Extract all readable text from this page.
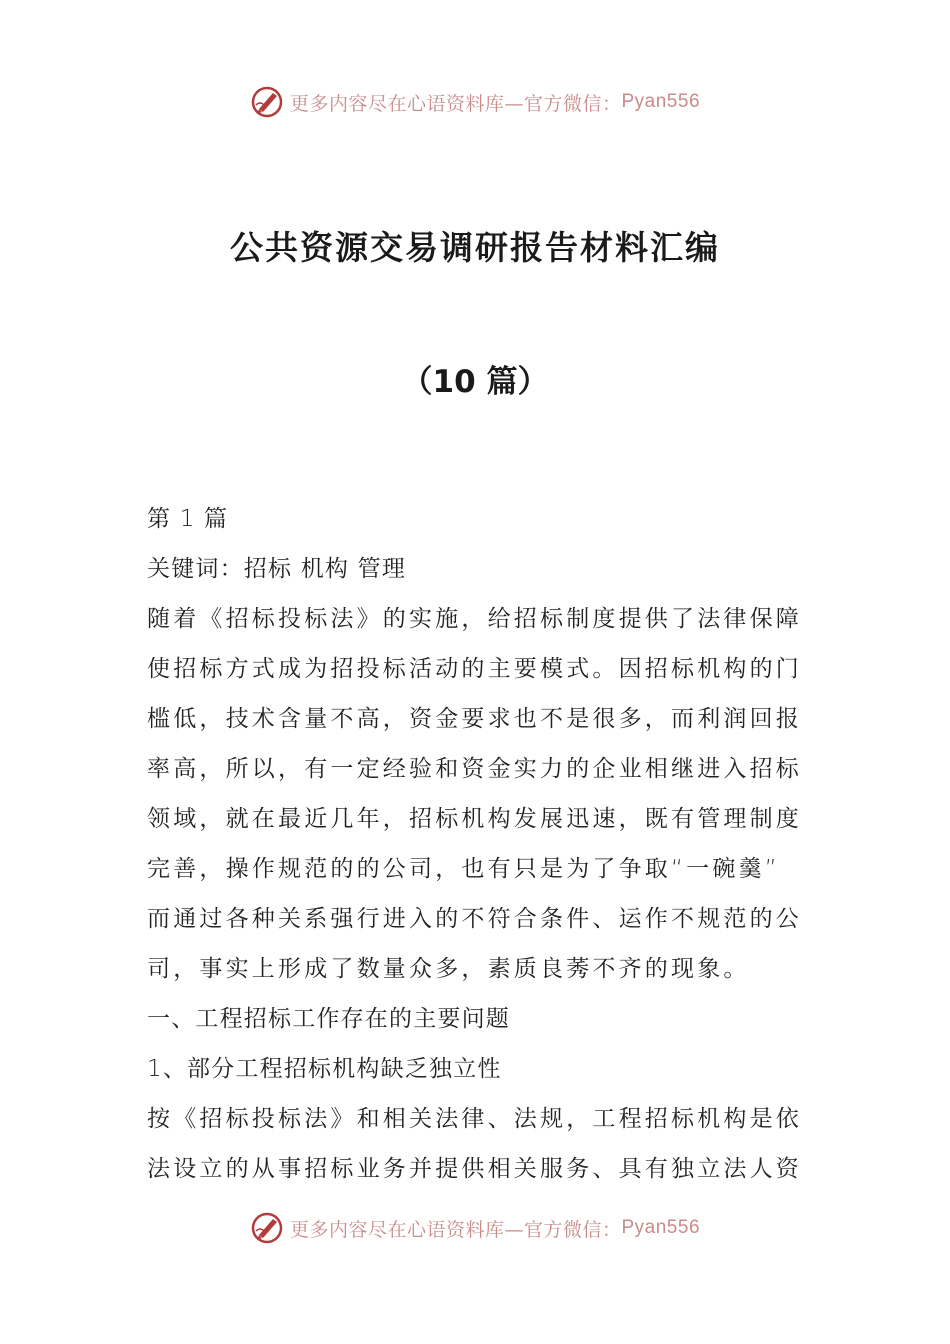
更多内容尽在心语资料库—官方微信： Pyan556
公共资源交易调研报告材料汇编
（10 篇）
第 1 篇
关键词：招标 机构 管理
随着《招标投标法》的实施，给招标制度提供了法律保障
使招标方式成为招投标活动的主要模式。因招标机构的门
槛低，技术含量不高，资金要求也不是很多，而利润回报
率高，所以，有一定经验和资金实力的企业相继进入招标
领域，就在最近几年，招标机构发展迅速，既有管理制度
完善，操作规范的的公司，也有只是为了争取“一碗羹”
而通过各种关系强行进入的不符合条件、运作不规范的公
司，事实上形成了数量众多，素质良莠不齐的现象。
一、工程招标工作存在的主要问题
1、部分工程招标机构缺乏独立性
按《招标投标法》和相关法律、法规，工程招标机构是依
法设立的从事招标业务并提供相关服务、具有独立法人资
更多内容尽在心语资料库—官方微信： Pyan556
